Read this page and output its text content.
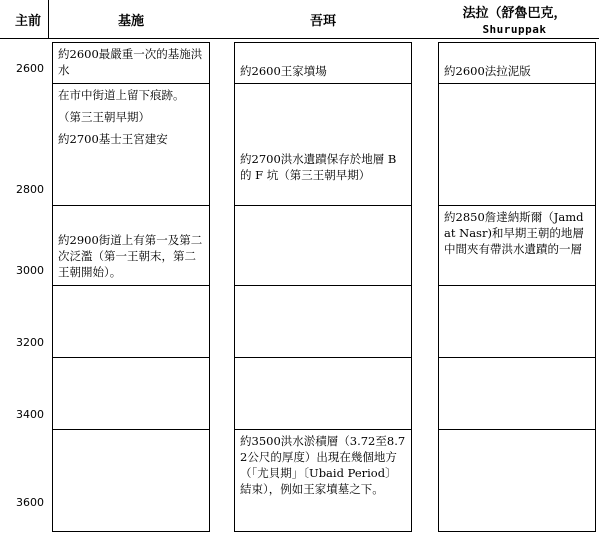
主前	基施	吾珥
法拉（舒魯巴克，
Shuruppak
2600
2800
3000
3200
3400
3600
約2600最嚴重一次的基施洪水

在市中街道上留下痕跡。

（第三王朝早期）

約2700基士王宮建安

約2900街道上有第一及第二次泛濫（第一王朝末，第二王朝開始）。
約2600王家墳場
約2700洪水遺蹟保存於地層 B 的 F 坑（第三王朝早期）
約3500洪水淤積層（3.72至8.72公尺的厚度）出現在幾個地方（「尤貝期」〔Ubaid Period〕結束），例如王家墳墓之下。
約2600法拉泥版
約2850詹達納斯爾（Jamdat Nasr)和早期王朝的地層中間夾有帶洪水遺蹟的一層
